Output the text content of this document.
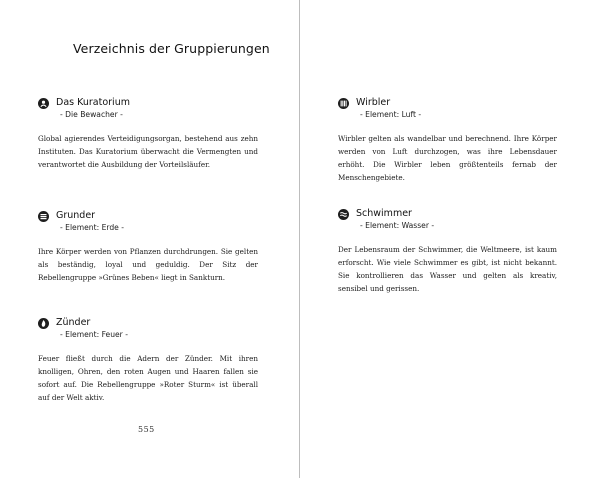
Verzeichnis der Gruppierungen
Das Kuratorium
- Die Bewacher -
Global agierendes Verteidigungsorgan, bestehend aus zehn Instituten. Das Kuratorium überwacht die Vermengten und verantwortet die Ausbildung der Vorteilsläufer.
Grunder
- Element: Erde -
Ihre Körper werden von Pflanzen durchdrungen. Sie gelten als beständig, loyal und geduldig. Der Sitz der Rebellengruppe »Grünes Beben« liegt in Sankturn.
Zünder
- Element: Feuer -
Feuer fließt durch die Adern der Zünder. Mit ihren knolligen, Ohren, den roten Augen und Haaren fallen sie sofort auf. Die Rebellengruppe »Roter Sturm« ist überall auf der Welt aktiv.
555
Wirbler
- Element: Luft -
Wirbler gelten als wandelbar und berechnend. Ihre Körper werden von Luft durchzogen, was ihre Lebensdauer erhöht. Die Wirbler leben größtenteils fernab der Menschengebiete.
Schwimmer
- Element: Wasser -
Der Lebensraum der Schwimmer, die Weltmeere, ist kaum erforscht. Wie viele Schwimmer es gibt, ist nicht bekannt. Sie kontrollieren das Wasser und gelten als kreativ, sensibel und gerissen.
